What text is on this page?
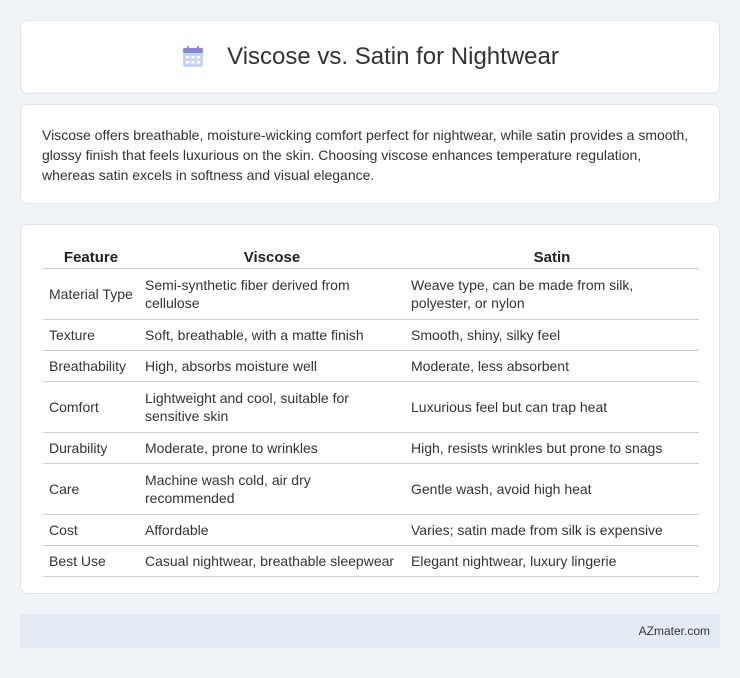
Viscose vs. Satin for Nightwear

Viscose offers breathable, moisture-wicking comfort perfect for nightwear, while satin provides a smooth, glossy finish that feels luxurious on the skin. Choosing viscose enhances temperature regulation, whereas satin excels in softness and visual elegance.

Feature	Viscose	Satin
Material Type	Semi-synthetic fiber derived from cellulose	Weave type, can be made from silk, polyester, or nylon
Texture	Soft, breathable, with a matte finish	Smooth, shiny, silky feel
Breathability	High, absorbs moisture well	Moderate, less absorbent
Comfort	Lightweight and cool, suitable for sensitive skin	Luxurious feel but can trap heat
Durability	Moderate, prone to wrinkles	High, resists wrinkles but prone to snags
Care	Machine wash cold, air dry recommended	Gentle wash, avoid high heat
Cost	Affordable	Varies; satin made from silk is expensive
Best Use	Casual nightwear, breathable sleepwear	Elegant nightwear, luxury lingerie
AZmater.com
